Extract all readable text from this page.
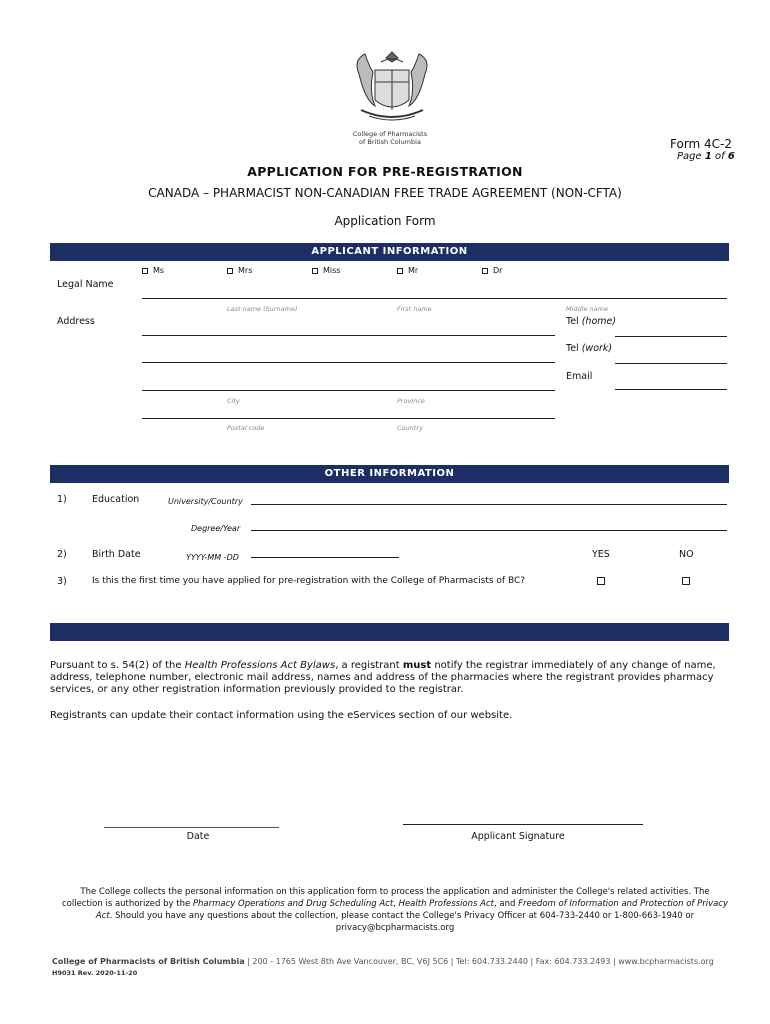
College of Pharmacists
of British Columbia	Form 4C-2
Page 1 of 6
APPLICATION FOR PRE-REGISTRATION
CANADA – PHARMACIST NON-CANADIAN FREE TRADE AGREEMENT (NON-CFTA)
Application Form
APPLICANT INFORMATION
Ms	Mrs	Miss	Mr	Dr
Legal Name
Last name (Surname)	First name	Middle name
Address	Tel (home)
Tel (work)
Email
City	Province
Postal code	Country
OTHER INFORMATION
1)	Education	University/Country
Degree/Year
2)	Birth Date	YYYY-MM -DD	YES	NO
3)	Is this the first time you have applied for pre-registration with the College of Pharmacists of BC?
Pursuant to s. 54(2) of the Health Professions Act Bylaws, a registrant must notify the registrar immediately of any change of name, address, telephone number, electronic mail address, names and address of the pharmacies where the registrant provides pharmacy services, or any other registration information previously provided to the registrar.
Registrants can update their contact information using the eServices section of our website.
Date	Applicant Signature
The College collects the personal information on this application form to process the application and administer the College's related activities. The collection is authorized by the Pharmacy Operations and Drug Scheduling Act, Health Professions Act, and Freedom of Information and Protection of Privacy Act. Should you have any questions about the collection, please contact the College's Privacy Officer at 604-733-2440 or 1-800-663-1940 or privacy@bcpharmacists.org
College of Pharmacists of British Columbia | 200 - 1765 West 8th Ave Vancouver, BC, V6J 5C6 | Tel: 604.733.2440 | Fax: 604.733.2493 | www.bcpharmacists.org
H9031 Rev. 2020-11-20
